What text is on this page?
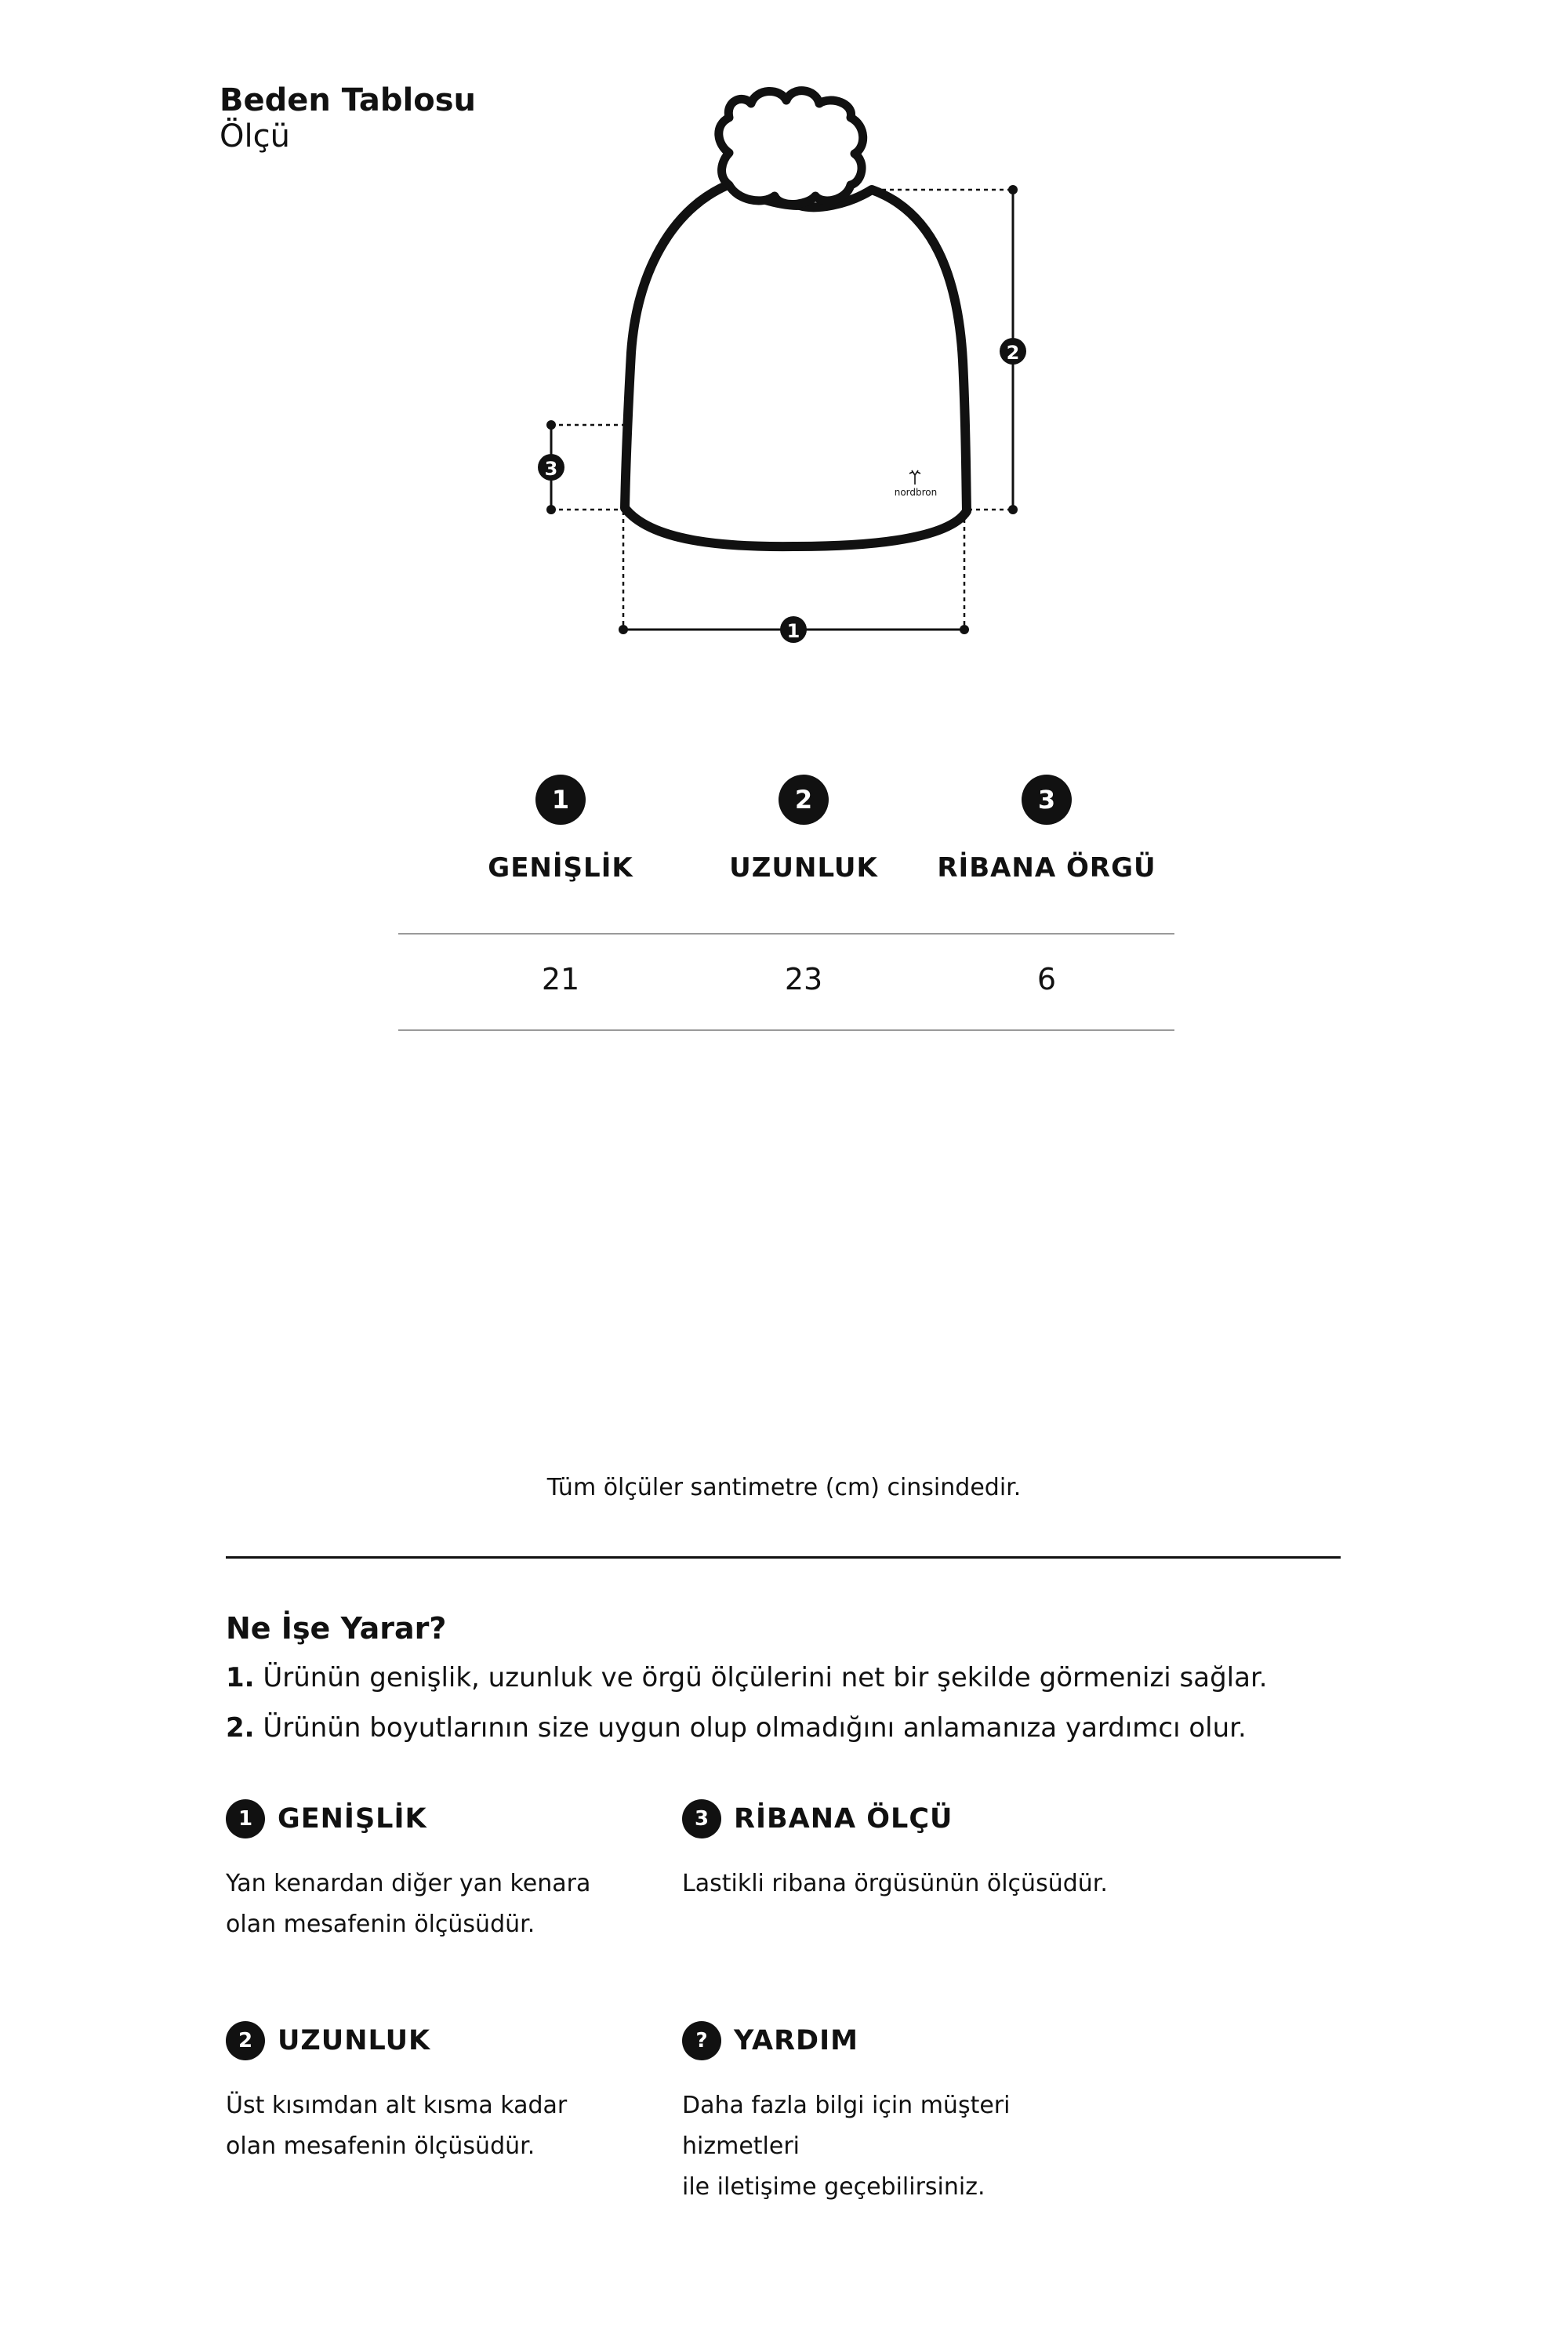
Beden Tablosu
Ölçü
nordbron
2
3
1
1
GENİŞLİK
21
2
UZUNLUK
23
3
RİBANA ÖRGÜ
6
Tüm ölçüler santimetre (cm) cinsindedir.
Ne İşe Yarar?
1. Ürünün genişlik, uzunluk ve örgü ölçülerini net bir şekilde görmenizi sağlar.
2. Ürünün boyutlarının size uygun olup olmadığını anlamanıza yardımcı olur.
1 GENİŞLİK
Yan kenardan diğer yan kenara
olan mesafenin ölçüsüdür.
3 RİBANA ÖLÇÜ
Lastikli ribana örgüsünün ölçüsüdür.
2 UZUNLUK
Üst kısımdan alt kısma kadar
olan mesafenin ölçüsüdür.
? YARDIM
Daha fazla bilgi için müşteri hizmetleri
ile iletişime geçebilirsiniz.
